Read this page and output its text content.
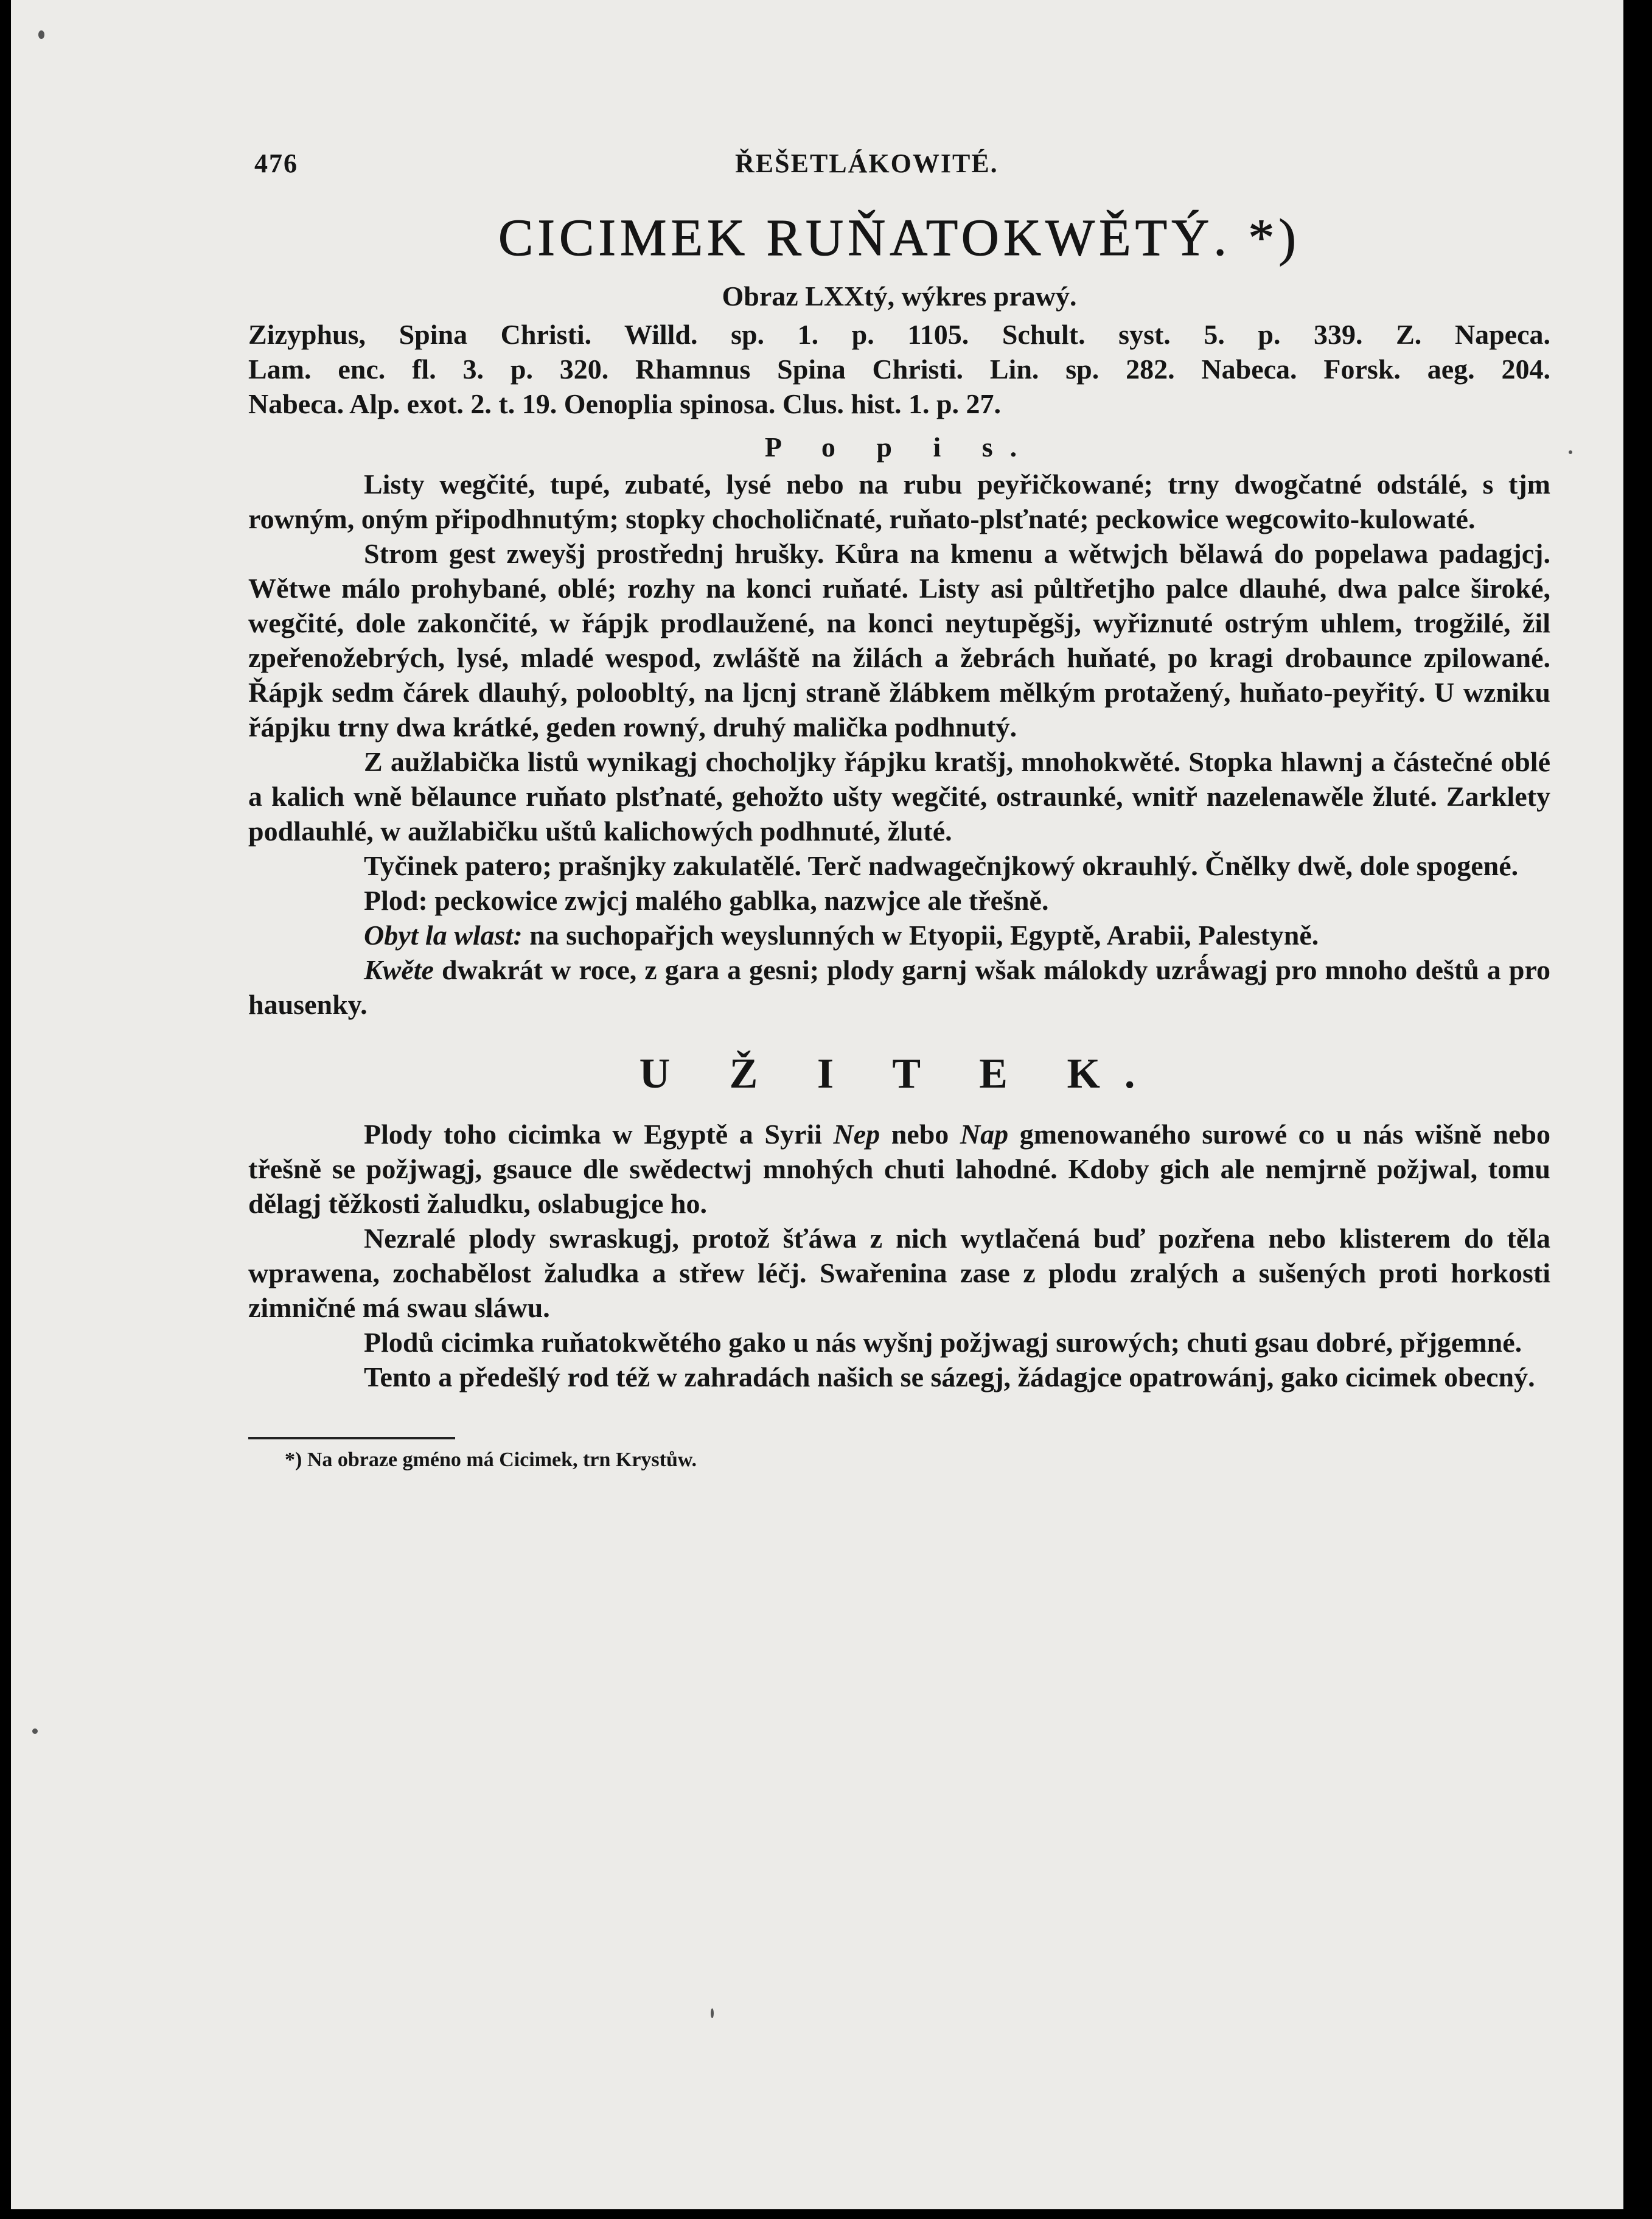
476	ŘEŠETLÁKOWITÉ.
CICIMEK RUŇATOKWĚTÝ. *)
Obraz LXXtý, wýkres prawý.
Zizyphus, Spina Christi. Willd. sp. 1. p. 1105. Schult. syst. 5. p. 339. Z. Napeca.
Lam. enc. fl. 3. p. 320. Rhamnus Spina Christi. Lin. sp. 282. Nabeca. Forsk. aeg. 204.
Nabeca. Alp. exot. 2. t. 19. Oenoplia spinosa. Clus. hist. 1. p. 27.
P o p i s.

Listy wegčité, tupé, zubaté, lysé nebo na rubu peyřičkowané; trny dwogčatné odstálé, s tjm rowným, oným připodhnutým; stopky chocholičnaté, ruňato-plsťnaté; peckowice wegcowito-kulowaté.

Strom gest zweyšj prostřednj hrušky. Kůra na kmenu a wětwjch bělawá do popelawa padagjcj. Wětwe málo prohybané, oblé; rozhy na konci ruňaté. Listy asi půltřetjho palce dlauhé, dwa palce široké, wegčité, dole zakončité, w řápjk prodlaužené, na konci neytupěgšj, wyřiznuté ostrým uhlem, trogžilé, žil zpeřenožebrých, lysé, mladé wespod, zwláště na žilách a žebrách huňaté, po kragi drobaunce zpilowané. Řápjk sedm čárek dlauhý, poloobltý, na ljcnj straně žlábkem mělkým protažený, huňato-peyřitý. U wzniku řápjku trny dwa krátké, geden rowný, druhý malička podhnutý.

Z aužlabička listů wynikagj chocholjky řápjku kratšj, mnohokwěté. Stopka hlawnj a částečné oblé a kalich wně bělaunce ruňato plsťnaté, gehožto ušty wegčité, ostraunké, wnitř nazelenawěle žluté. Zarklety podlauhlé, w aužlabičku uštů kalichowých podhnuté, žluté.

Tyčinek patero; prašnjky zakulatělé. Terč nadwagečnjkowý okrauhlý. Čnělky dwě, dole spogené.

Plod: peckowice zwjcj malého gablka, nazwjce ale třešně.

Obyt la wlast: na suchopařjch weyslunných w Etyopii, Egyptě, Arabii, Palestyně.

Kwěte dwakrát w roce, z gara a gesni; plody garnj wšak málokdy uzrǻwagj pro mnoho deštů a pro hausenky.

U Ž I T E K.

Plody toho cicimka w Egyptě a Syrii Nep nebo Nap gmenowaného surowé co u nás wišně nebo třešně se požjwagj, gsauce dle swědectwj mnohých chuti lahodné. Kdoby gich ale nemjrně požjwal, tomu dělagj těžkosti žaludku, oslabugjce ho.

Nezralé plody swraskugj, protož šťáwa z nich wytlačená buď pozřena nebo klisterem do těla wprawena, zochabělost žaludka a střew léčj. Swařenina zase z plodu zralých a sušených proti horkosti zimničné má swau sláwu.

Plodů cicimka ruňatokwětého gako u nás wyšnj požjwagj surowých; chuti gsau dobré, přjgemné.

Tento a předešlý rod též w zahradách našich se sázegj, žádagjce opatrowánj, gako cicimek obecný.

*) Na obraze gméno má Cicimek, trn Krystůw.
